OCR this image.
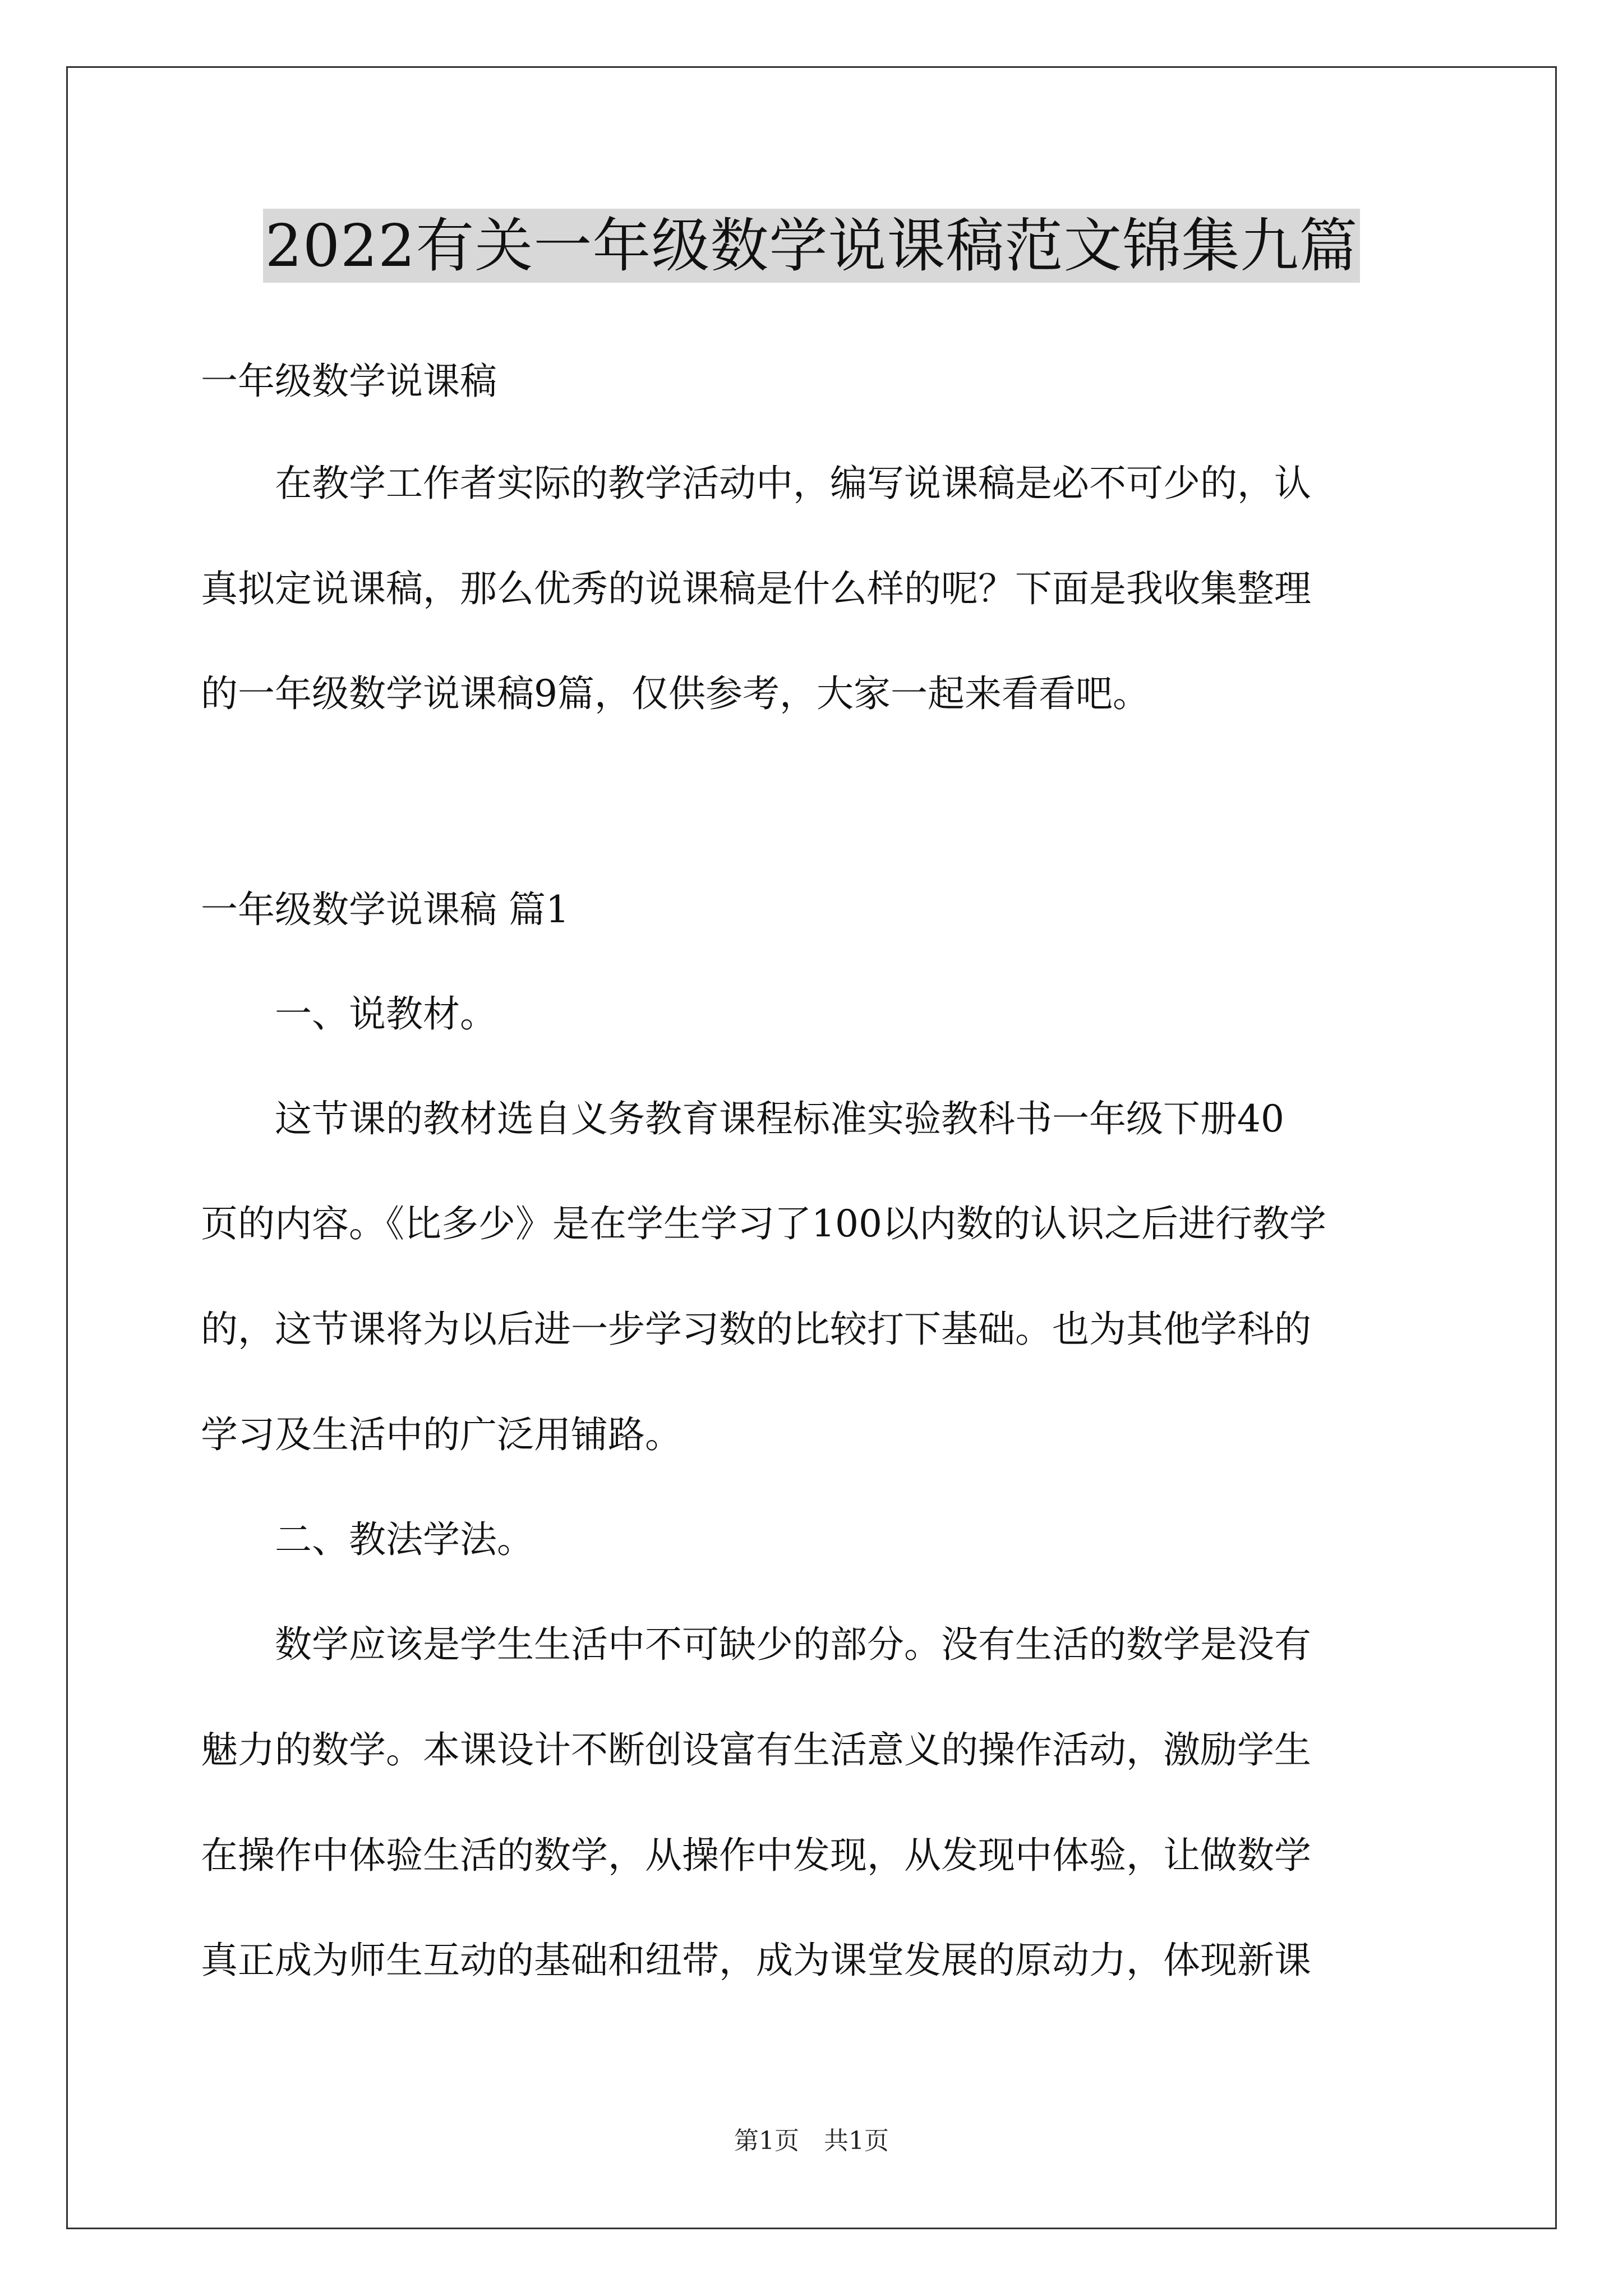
2022有关一年级数学说课稿范文锦集九篇
一年级数学说课稿
　　在教学工作者实际的教学活动中，编写说课稿是必不可少的，认
真拟定说课稿，那么优秀的说课稿是什么样的呢？下面是我收集整理
的一年级数学说课稿9篇，仅供参考，大家一起来看看吧。
一年级数学说课稿 篇1
　　一、说教材。
　　这节课的教材选自义务教育课程标准实验教科书一年级下册40
页的内容。《比多少》是在学生学习了100以内数的认识之后进行教学
的，这节课将为以后进一步学习数的比较打下基础。也为其他学科的
学习及生活中的广泛用铺路。
　　二、教法学法。
　　数学应该是学生生活中不可缺少的部分。没有生活的数学是没有
魅力的数学。本课设计不断创设富有生活意义的操作活动，激励学生
在操作中体验生活的数学，从操作中发现，从发现中体验，让做数学
真正成为师生互动的基础和纽带，成为课堂发展的原动力，体现新课
第1页　共1页
